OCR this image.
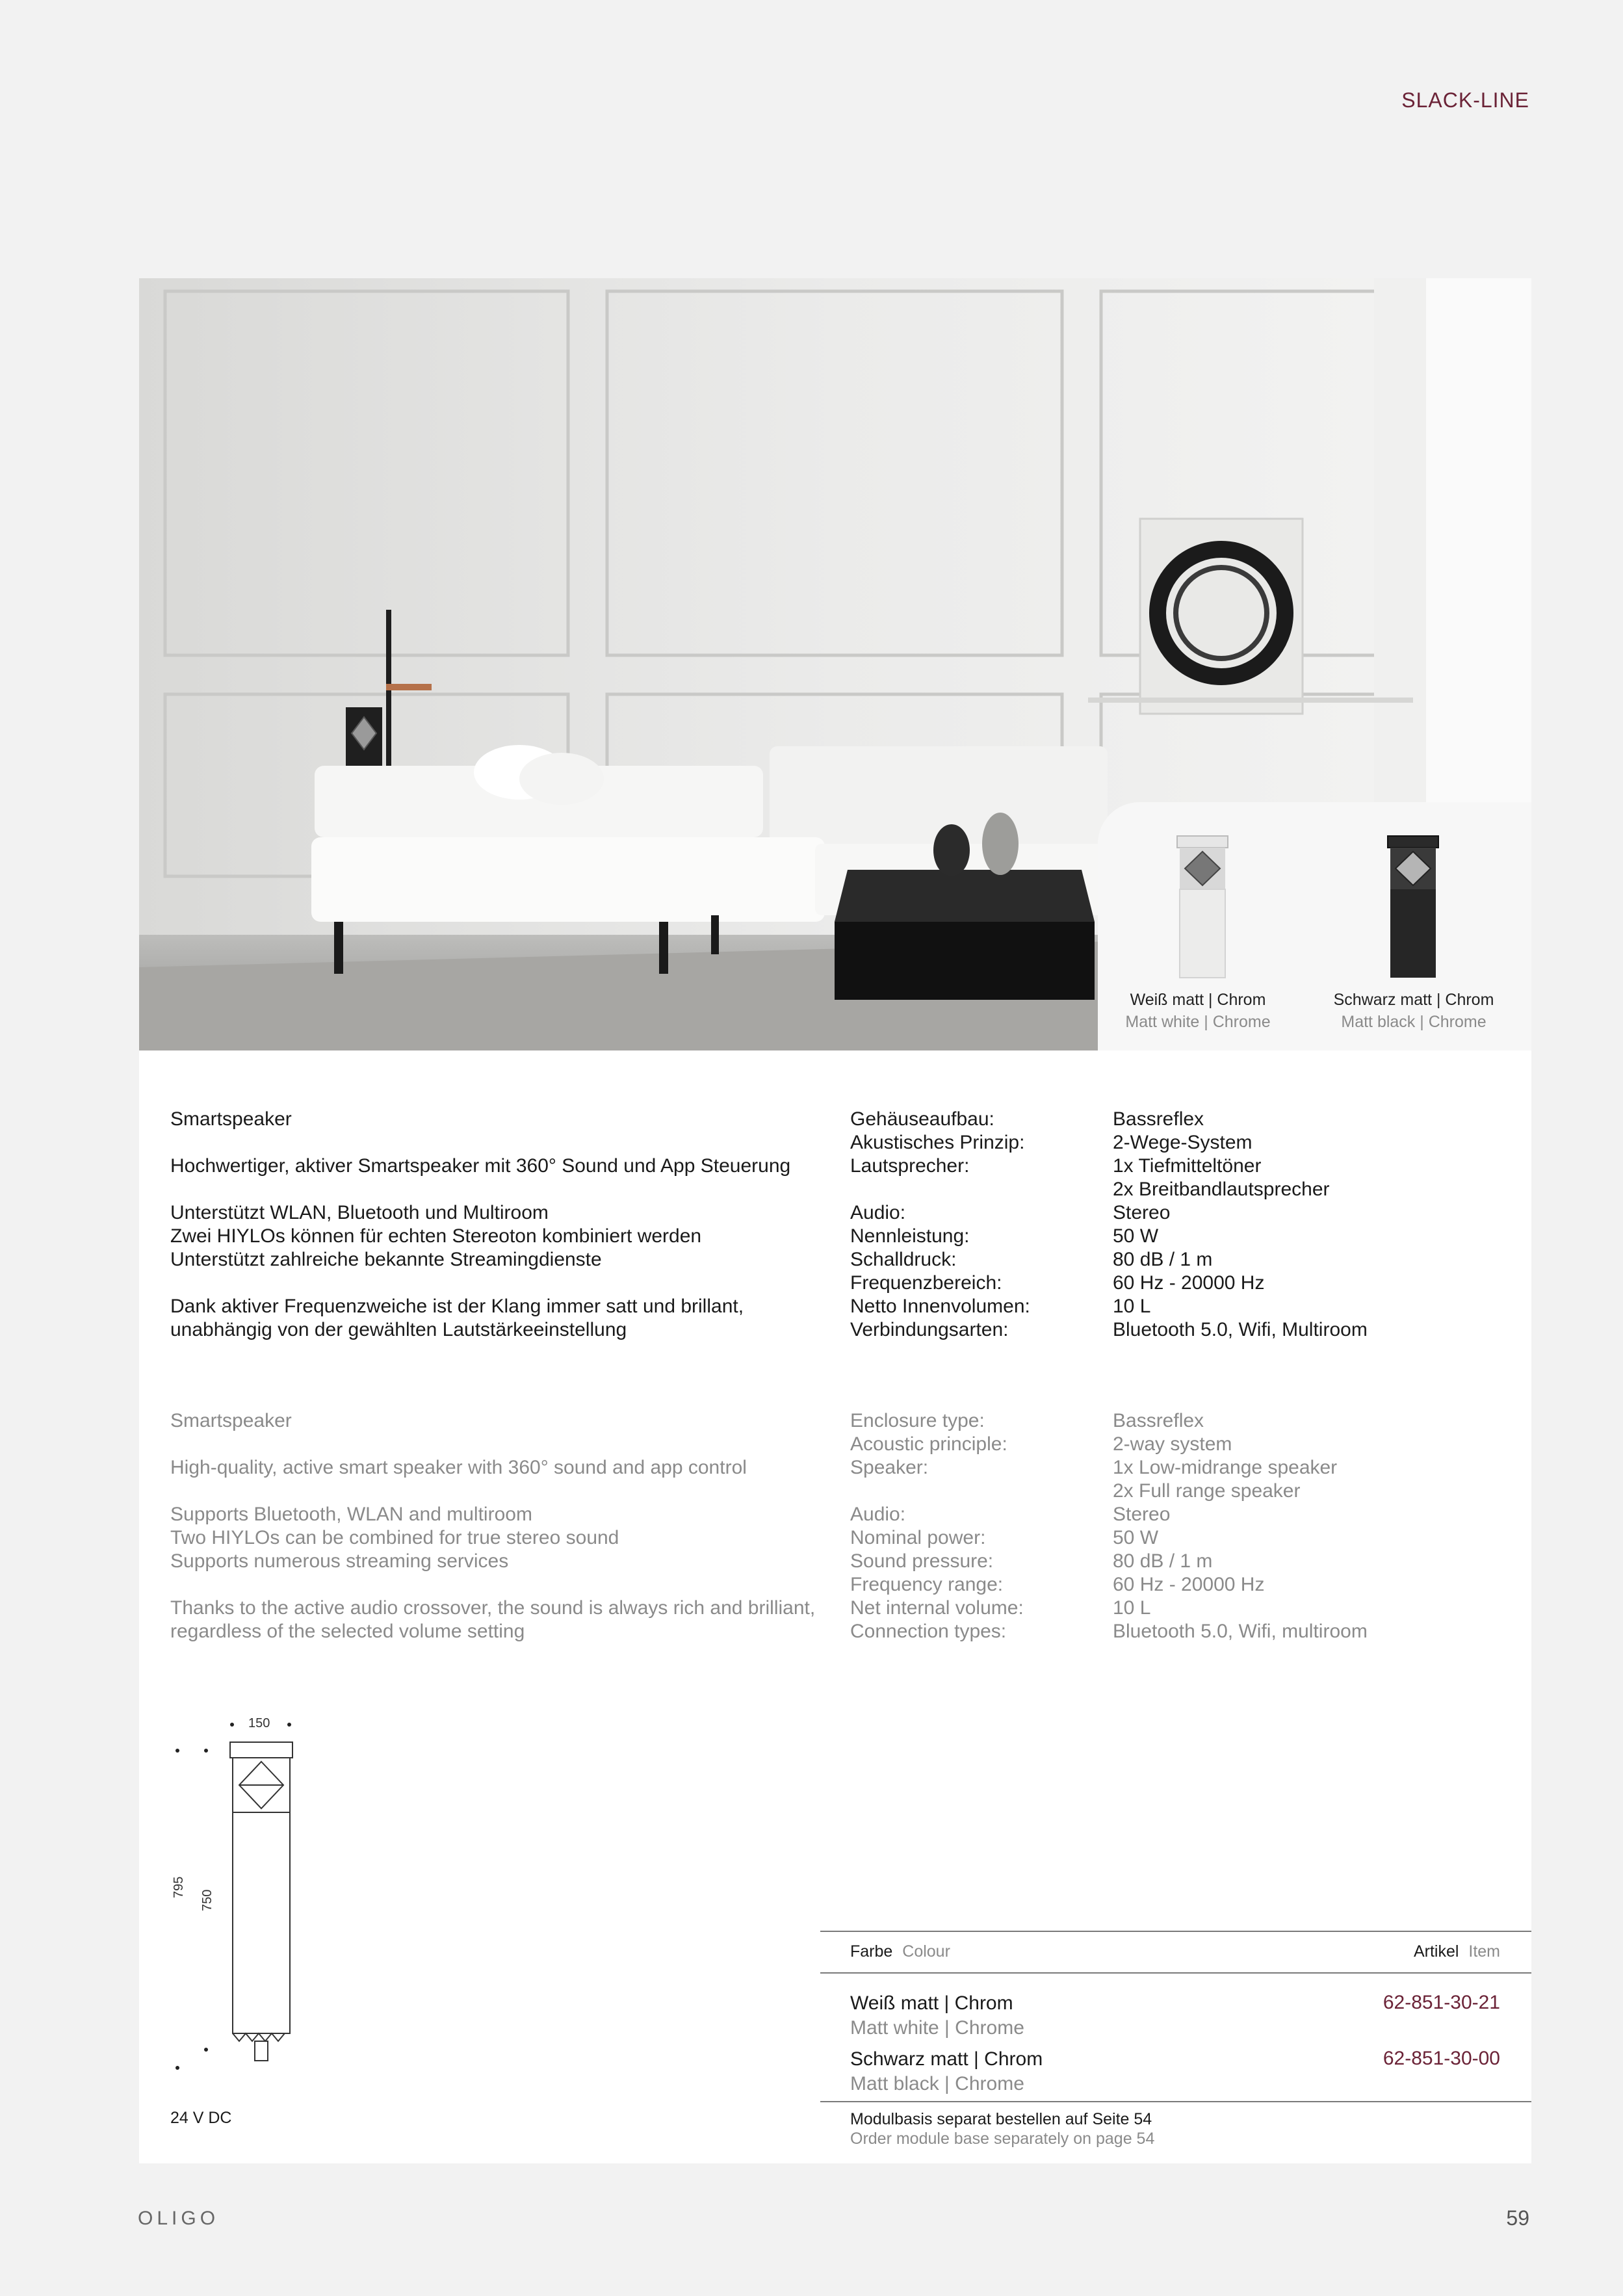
SLACK-LINE
Weiß matt | Chrom
Matt white | Chrome
Schwarz matt | Chrom
Matt black | Chrome
Smartspeaker
Hochwertiger, aktiver Smartspeaker mit 360° Sound und App Steuerung
Unterstützt WLAN, Bluetooth und Multiroom
Zwei HIYLOs können für echten Stereoton kombiniert werden
Unterstützt zahlreiche bekannte Streamingdienste
Dank aktiver Frequenzweiche ist der Klang immer satt und brillant,
unabhängig von der gewählten Lautstärkeeinstellung
Gehäuseaufbau:
Akustisches Prinzip:
Lautsprecher:
Audio:
Nennleistung:
Schalldruck:
Frequenzbereich:
Netto Innenvolumen:
Verbindungsarten:
Bassreflex
2-Wege-System
1x Tiefmitteltöner
2x Breitbandlautsprecher
Stereo
50 W
80 dB / 1 m
60 Hz - 20000 Hz
10 L
Bluetooth 5.0, Wifi, Multiroom
Smartspeaker
High-quality, active smart speaker with 360° sound and app control
Supports Bluetooth, WLAN and multiroom
Two HIYLOs can be combined for true stereo sound
Supports numerous streaming services
Thanks to the active audio crossover, the sound is always rich and brilliant,
regardless of the selected volume setting
Enclosure type:
Acoustic principle:
Speaker:
Audio:
Nominal power:
Sound pressure:
Frequency range:
Net internal volume:
Connection types:
Bassreflex
2-way system
1x Low-midrange speaker
2x Full range speaker
Stereo
50 W
80 dB / 1 m
60 Hz - 20000 Hz
10 L
Bluetooth 5.0, Wifi, multiroom
150
795
750
24 V DC
Farbe Colour	Artikel Item
Weiß matt | Chrom
Matt white | Chrome
62-851-30-21
Schwarz matt | Chrom
Matt black | Chrome
62-851-30-00
Modulbasis separat bestellen auf Seite 54
Order module base separately on page 54
OLIGO	59
